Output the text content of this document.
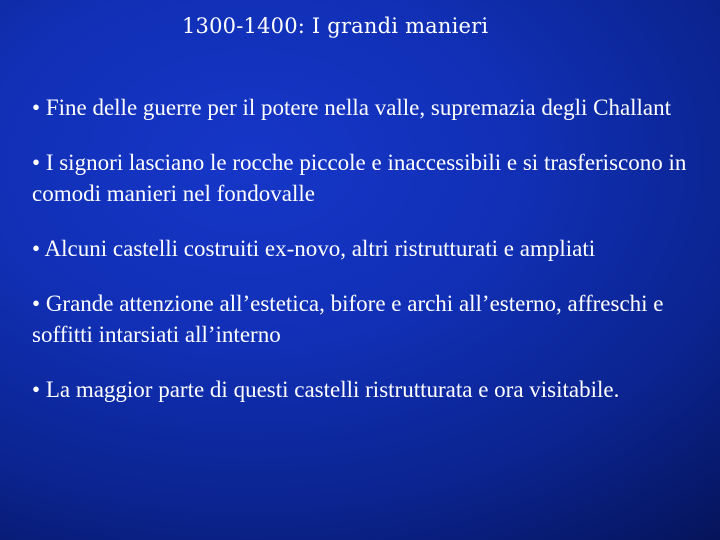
1300-1400: I grandi manieri
• Fine delle guerre per il potere nella valle, supremazia degli Challant
• I signori lasciano le rocche piccole e inaccessibili e si trasferiscono in comodi manieri nel fondovalle
• Alcuni castelli costruiti ex-novo, altri ristrutturati e ampliati
• Grande attenzione all’estetica, bifore e archi all’esterno, affreschi e soffitti intarsiati all’interno
• La maggior parte di questi castelli ristrutturata e ora visitabile.
